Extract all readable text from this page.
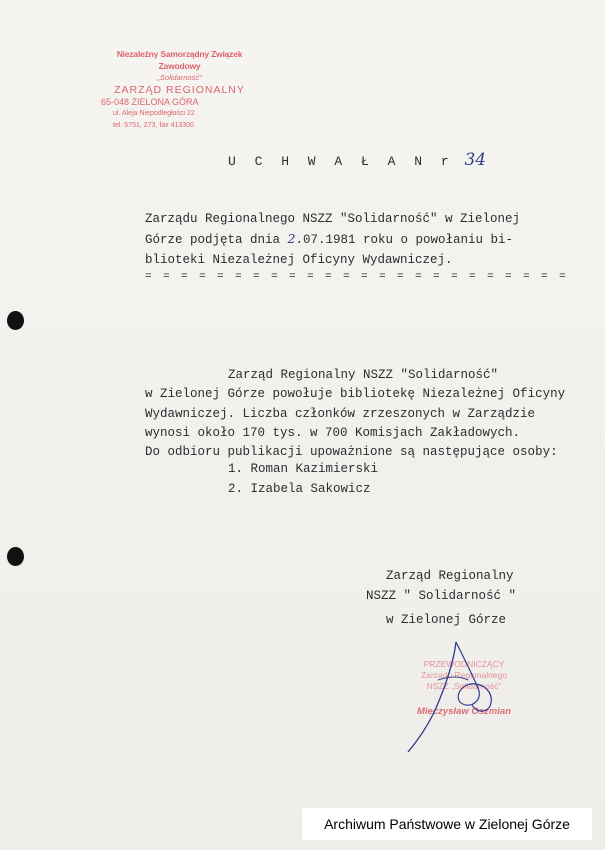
Niezależny Samorządny Związek Zawodowy
„Solidarność”
ZARZĄD REGIONALNY
65-048 ZIELONA GÓRA
ul. Aleja Niepodległości 22
tel. 5751, 273, fax 413300
U C H W A Ł A N r 34
Zarządu Regionalnego NSZZ "Solidarność" w Zielonej
Górze podjęta dnia 2.07.1981 roku o powołaniu bi-
blioteki Niezależnej Oficyny Wydawniczej.
= = = = = = = = = = = = = = = = = = = = = = = =
Zarząd Regionalny NSZZ "Solidarność"
w Zielonej Górze powołuje bibliotekę Niezależnej Oficyny
Wydawniczej. Liczba członków zrzeszonych w Zarządzie
wynosi około 170 tys. w 700 Komisjach Zakładowych.
Do odbioru publikacji upoważnione są następujące osoby:
1. Roman Kazimierski
2. Izabela Sakowicz
Zarząd Regionalny
NSZZ " Solidarność "
w Zielonej Górze
PRZEWODNICZĄCY
Zarządu Regionalnego
NSZZ „Solidarność”
Mieczysław Oszmian
Archiwum Państwowe w Zielonej Górze
